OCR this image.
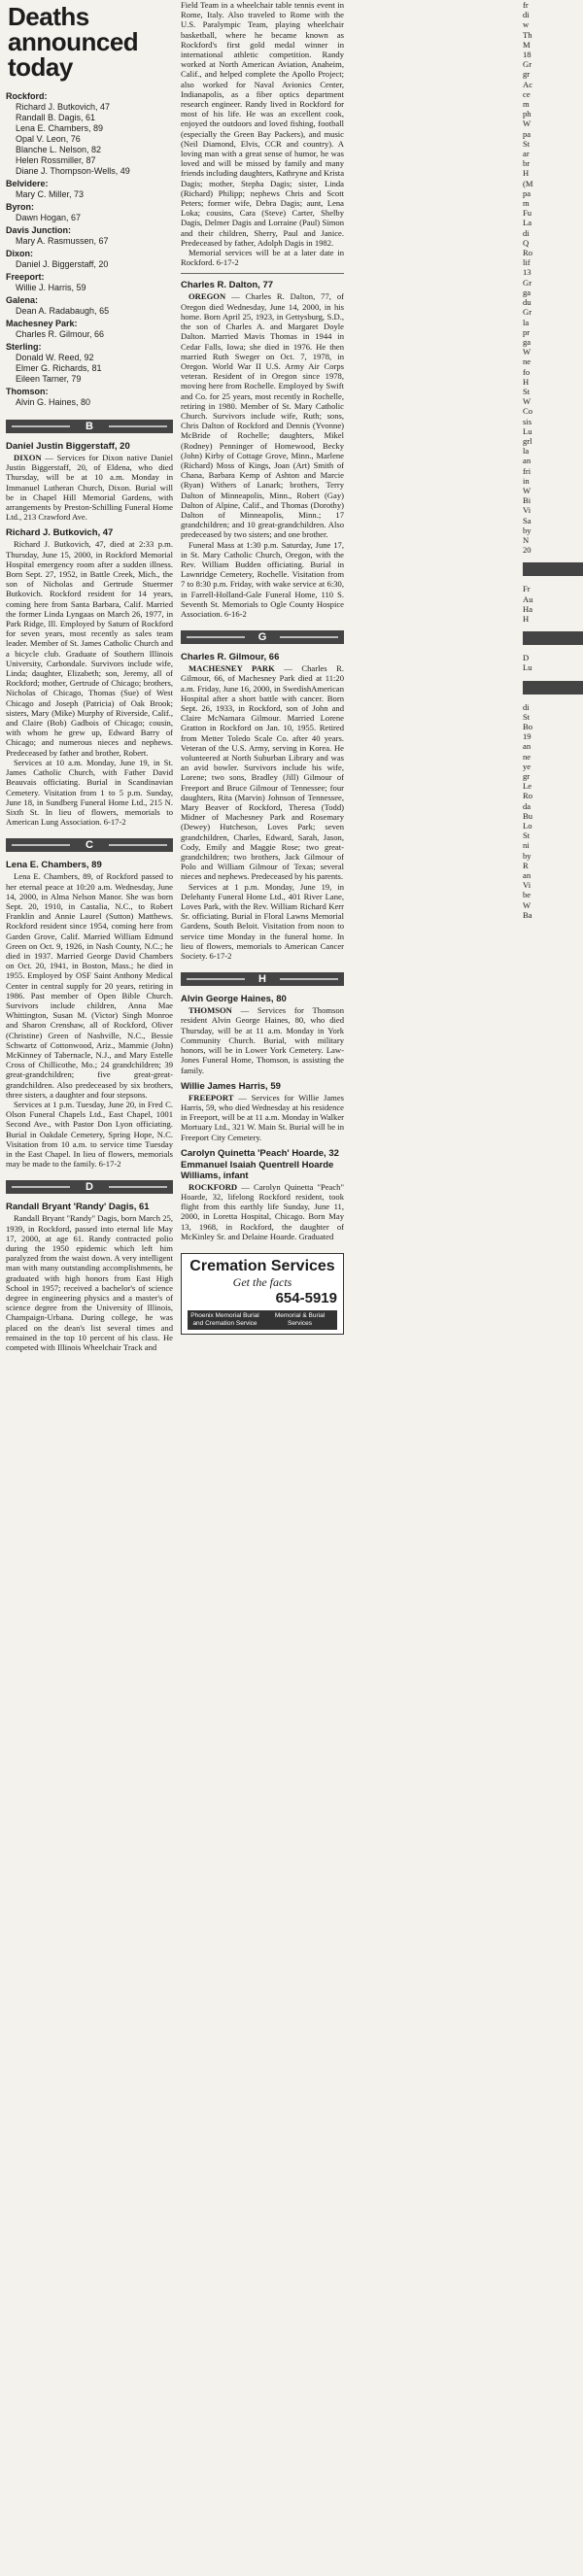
Deaths announced today
Rockford:
Richard J. Butkovich, 47
Randall B. Dagis, 61
Lena E. Chambers, 89
Opal V. Leon, 76
Blanche L. Nelson, 82
Helen Rossmiller, 87
Diane J. Thompson-Wells, 49
Belvidere:
Mary C. Miller, 73
Byron:
Dawn Hogan, 67
Davis Junction:
Mary A. Rasmussen, 67
Dixon:
Daniel J. Biggerstaff, 20
Freeport:
Willie J. Harris, 59
Galena:
Dean A. Radabaugh, 65
Machesney Park:
Charles R. Gilmour, 66
Sterling:
Donald W. Reed, 92
Elmer G. Richards, 81
Eileen Tarner, 79
Thomson:
Alvin G. Haines, 80
B
Daniel Justin Biggerstaff, 20

DIXON — Services for Dixon native Daniel Justin Biggerstaff, 20, of Eldena, who died Thursday, will be at 10 a.m. Monday in Immanuel Lutheran Church, Dixon. Burial will be in Chapel Hill Memorial Gardens, with arrangements by Preston-Schilling Funeral Home Ltd., 213 Crawford Ave.

Richard J. Butkovich, 47

Richard J. Butkovich, 47, died at 2:33 p.m. Thursday, June 15, 2000, in Rockford Memorial Hospital emergency room after a sudden illness. Born Sept. 27, 1952, in Battle Creek, Mich., the son of Nicholas and Gertrude Stuermer Butkovich. Rockford resident for 14 years, coming here from Santa Barbara, Calif. Married the former Linda Lyngaas on March 26, 1977, in Park Ridge, Ill. Employed by Saturn of Rockford for seven years, most recently as sales team leader. Member of St. James Catholic Church and a bicycle club. Graduate of Southern Illinois University, Carbondale. Survivors include wife, Linda; daughter, Elizabeth; son, Jeremy, all of Rockford; mother, Gertrude of Chicago; brothers, Nicholas of Chicago, Thomas (Sue) of West Chicago and Joseph (Patricia) of Oak Brook; sisters, Mary (Mike) Murphy of Riverside, Calif., and Claire (Bob) Gadbois of Chicago; cousin, with whom he grew up, Edward Barry of Chicago; and numerous nieces and nephews. Predeceased by father and brother, Robert.

Services at 10 a.m. Monday, June 19, in St. James Catholic Church, with Father David Beauvais officiating. Burial in Scandinavian Cemetery. Visitation from 1 to 5 p.m. Sunday, June 18, in Sundberg Funeral Home Ltd., 215 N. Sixth St. In lieu of flowers, memorials to American Lung Association. 6-17-2

C
Lena E. Chambers, 89

Lena E. Chambers, 89, of Rockford passed to her eternal peace at 10:20 a.m. Wednesday, June 14, 2000, in Alma Nelson Manor. She was born Sept. 20, 1910, in Castalia, N.C., to Robert Franklin and Annie Laurel (Sutton) Matthews. Rockford resident since 1954, coming here from Garden Grove, Calif. Married William Edmund Green on Oct. 9, 1926, in Nash County, N.C.; he died in 1937. Married George David Chambers on Oct. 20, 1941, in Boston, Mass.; he died in 1955. Employed by OSF Saint Anthony Medical Center in central supply for 20 years, retiring in 1986. Past member of Open Bible Church. Survivors include children, Anna Mae Whittington, Susan M. (Victor) Singh Monroe and Sharon Crenshaw, all of Rockford, Oliver (Christine) Green of Nashville, N.C., Bessie Schwartz of Cottonwood, Ariz., Mammie (John) McKinney of Tabernacle, N.J., and Mary Estelle Cross of Chillicothe, Mo.; 24 grandchildren; 39 great-grandchildren; five great-great-grandchildren. Also predeceased by six brothers, three sisters, a daughter and four stepsons.

Services at 1 p.m. Tuesday, June 20, in Fred C. Olson Funeral Chapels Ltd., East Chapel, 1001 Second Ave., with Pastor Don Lyon officiating. Burial in Oakdale Cemetery, Spring Hope, N.C. Visitation from 10 a.m. to service time Tuesday in the East Chapel. In lieu of flowers, memorials may be made to the family. 6-17-2

D
Randall Bryant 'Randy' Dagis, 61

Randall Bryant "Randy" Dagis, born March 25, 1939, in Rockford, passed into eternal life May 17, 2000, at age 61. Randy contracted polio during the 1950 epidemic which left him paralyzed from the waist down. A very intelligent man with many outstanding accomplishments, he graduated with high honors from East High School in 1957; received a bachelor's of science degree in engineering physics and a master's of science degree from the University of Illinois, Champaign-Urbana. During college, he was placed on the dean's list several times and remained in the top 10 percent of his class. He competed with Illinois Wheelchair Track and

Field Team in a wheelchair table tennis event in Rome, Italy. Also traveled to Rome with the U.S. Paralympic Team, playing wheelchair basketball, where he became known as Rockford's first gold medal winner in international athletic competition. Randy worked at North American Aviation, Anaheim, Calif., and helped complete the Apollo Project; also worked for Naval Avionics Center, Indianapolis, as a fiber optics department research engineer. Randy lived in Rockford for most of his life. He was an excellent cook, enjoyed the outdoors and loved fishing, football (especially the Green Bay Packers), and music (Neil Diamond, Elvis, CCR and country). A loving man with a great sense of humor, he was loved and will be missed by family and many friends including daughters, Kathryne and Krista Dagis; mother, Stepha Dagis; sister, Linda (Richard) Philipp; nephews Chris and Scott Peters; former wife, Debra Dagis; aunt, Lena Loka; cousins, Cara (Steve) Carter, Shelby Dagis, Delmer Dagis and Lorraine (Paul) Simon and their children, Sherry, Paul and Janice. Predeceased by father, Adolph Dagis in 1982.

Memorial services will be at a later date in Rockford. 6-17-2

Charles R. Dalton, 77

OREGON — Charles R. Dalton, 77, of Oregon died Wednesday, June 14, 2000, in his home. Born April 25, 1923, in Gettysburg, S.D., the son of Charles A. and Margaret Doyle Dalton. Married Mavis Thomas in 1944 in Cedar Falls, Iowa; she died in 1976. He then married Ruth Sweger on Oct. 7, 1978, in Oregon. World War II U.S. Army Air Corps veteran. Resident of in Oregon since 1978, moving here from Rochelle. Employed by Swift and Co. for 25 years, most recently in Rochelle, retiring in 1980. Member of St. Mary Catholic Church. Survivors include wife, Ruth; sons, Chris Dalton of Rockford and Dennis (Yvonne) McBride of Rochelle; daughters, Mikel (Rodney) Penninger of Homewood, Becky (John) Kirby of Cottage Grove, Minn., Marlene (Richard) Moss of Kings, Joan (Art) Smith of Chana, Barbara Kemp of Ashton and Marcie (Ryan) Withers of Lanark; brothers, Terry Dalton of Minneapolis, Minn., Robert (Gay) Dalton of Alpine, Calif., and Thomas (Dorothy) Dalton of Minneapolis, Minn.; 17 grandchildren; and 10 great-grandchildren. Also predeceased by two sisters; and one brother.

Funeral Mass at 1:30 p.m. Saturday, June 17, in St. Mary Catholic Church, Oregon, with the Rev. William Budden officiating. Burial in Lawnridge Cemetery, Rochelle. Visitation from 7 to 8:30 p.m. Friday, with wake service at 6:30, in Farrell-Holland-Gale Funeral Home, 110 S. Seventh St. Memorials to Ogle County Hospice Association. 6-16-2

G
Charles R. Gilmour, 66

MACHESNEY PARK — Charles R. Gilmour, 66, of Machesney Park died at 11:20 a.m. Friday, June 16, 2000, in SwedishAmerican Hospital after a short battle with cancer. Born Sept. 26, 1933, in Rockford, son of John and Claire McNamara Gilmour. Married Lorene Gratton in Rockford on Jan. 10, 1955. Retired from Metter Toledo Scale Co. after 40 years. Veteran of the U.S. Army, serving in Korea. He volunteered at North Suburban Library and was an avid bowler. Survivors include his wife, Lorene; two sons, Bradley (Jill) Gilmour of Freeport and Bruce Gilmour of Tennessee; four daughters, Rita (Marvin) Johnson of Tennessee, Mary Beaver of Rockford, Theresa (Todd) Midner of Machesney Park and Rosemary (Dewey) Hutcheson, Loves Park; seven grandchildren, Charles, Edward, Sarah, Jason, Cody, Emily and Maggie Rose; two great-grandchildren; two brothers, Jack Gilmour of Polo and William Gilmour of Texas; several nieces and nephews. Predeceased by his parents.

Services at 1 p.m. Monday, June 19, in Delehanty Funeral Home Ltd., 401 River Lane, Loves Park, with the Rev. William Richard Kerr Sr. officiating. Burial in Floral Lawns Memorial Gardens, South Beloit. Visitation from noon to service time Monday in the funeral home. In lieu of flowers, memorials to American Cancer Society. 6-17-2

H
Alvin George Haines, 80

THOMSON — Services for Thomson resident Alvin George Haines, 80, who died Thursday, will be at 11 a.m. Monday in York Community Church. Burial, with military honors, will be in Lower York Cemetery. Law-Jones Funeral Home, Thomson, is assisting the family.

Willie James Harris, 59

FREEPORT — Services for Willie James Harris, 59, who died Wednesday at his residence in Freeport, will be at 11 a.m. Monday in Walker Mortuary Ltd., 321 W. Main St. Burial will be in Freeport City Cemetery.

Carolyn Quinetta 'Peach' Hoarde, 32
Emmanuel Isaiah Quentrell Hoarde Williams, infant

ROCKFORD — Carolyn Quinetta "Peach" Hoarde, 32, lifelong Rockford resident, took flight from this earthly life Sunday, June 11, 2000, in Loretta Hospital, Chicago. Born May 13, 1968, in Rockford, the daughter of McKinley Sr. and Delaine Hoarde. Graduated

Cremation Services
Get the facts
654-5919
Phoenix Memorial Burial and Cremation Service
Memorial & Burial Services
fr
di
w
Th
M
18
Gr
gr
Ac
ce
m
ph
W
pa
St
ar
br
H
(M
pa
m
Fu
La
di
Q
Ro
lif
13
Gr
ga
du
Gr
la
pr
ga
W
ne
fo
H
St
W
Co
sis
Lu
grl
la
an
fri
in
W
Bi
Vi
Sa
by
N
20
Fr
Au
Ha
H
D
Lu
di
St
Bo
19
an
ne
ye
gr
Le
Ro
da
Bu
Lo
St
ni
by
R
an
Vi
be
W
Ba
